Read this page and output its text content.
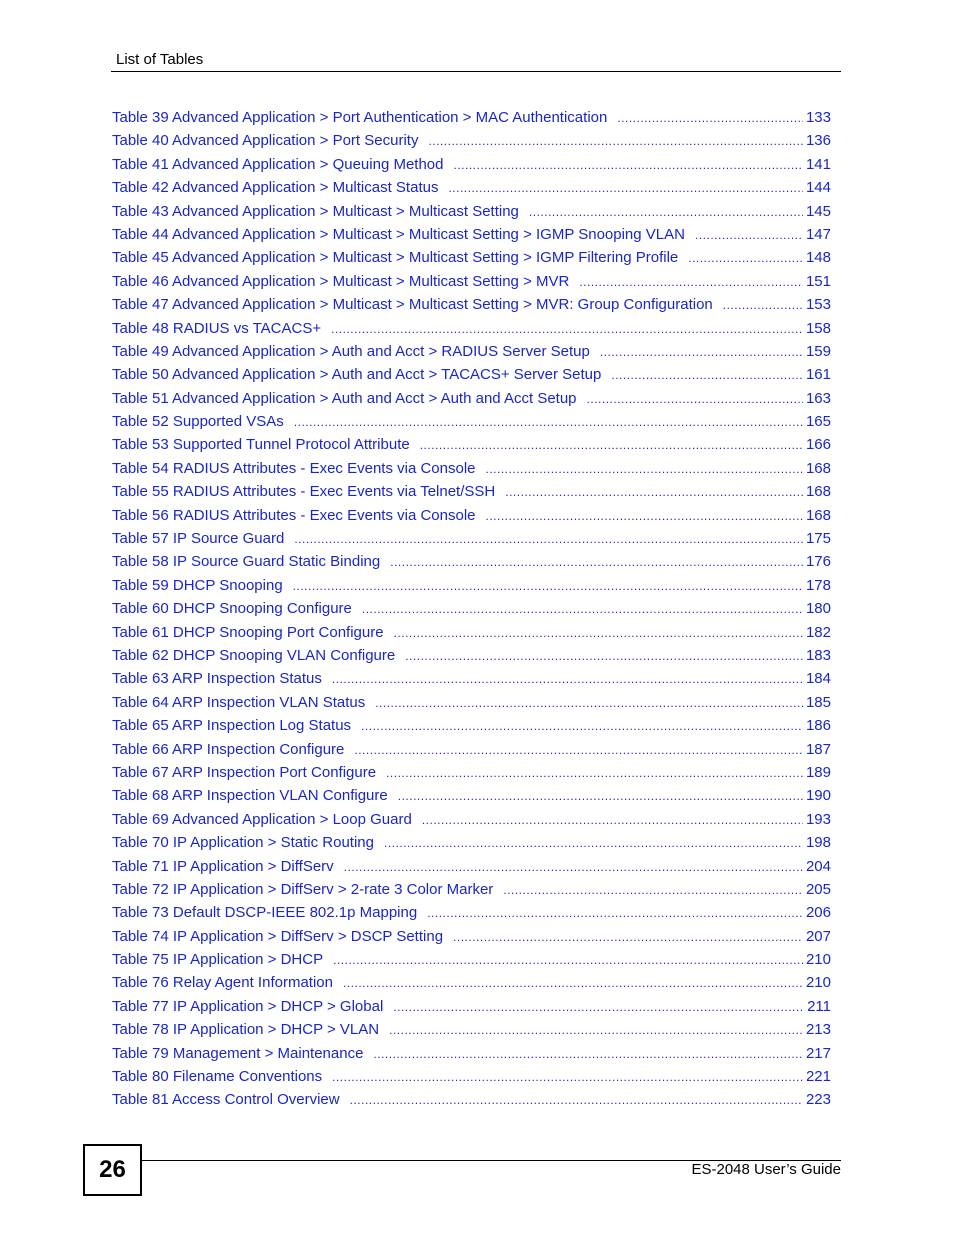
List of Tables
Table 39 Advanced Application > Port Authentication > MAC Authentication .....	133
Table 40 Advanced Application > Port Security .....	136
Table 41 Advanced Application > Queuing Method .....	141
Table 42 Advanced Application > Multicast Status .....	144
Table 43 Advanced Application > Multicast > Multicast Setting .....	145
Table 44 Advanced Application > Multicast > Multicast Setting > IGMP Snooping VLAN .....	147
Table 45 Advanced Application > Multicast > Multicast Setting > IGMP Filtering Profile .....	148
Table 46 Advanced Application > Multicast > Multicast Setting > MVR .....	151
Table 47 Advanced Application > Multicast > Multicast Setting > MVR: Group Configuration .....	153
Table 48 RADIUS vs TACACS+ .....	158
Table 49 Advanced Application > Auth and Acct > RADIUS Server Setup .....	159
Table 50 Advanced Application > Auth and Acct > TACACS+ Server Setup .....	161
Table 51 Advanced Application > Auth and Acct > Auth and Acct Setup .....	163
Table 52 Supported VSAs .....	165
Table 53 Supported Tunnel Protocol Attribute .....	166
Table 54 RADIUS Attributes - Exec Events via Console .....	168
Table 55 RADIUS Attributes - Exec Events via Telnet/SSH .....	168
Table 56 RADIUS Attributes - Exec Events via Console .....	168
Table 57 IP Source Guard .....	175
Table 58 IP Source Guard Static Binding .....	176
Table 59 DHCP Snooping .....	178
Table 60 DHCP Snooping Configure .....	180
Table 61 DHCP Snooping Port Configure .....	182
Table 62 DHCP Snooping VLAN Configure .....	183
Table 63 ARP Inspection Status .....	184
Table 64 ARP Inspection VLAN Status .....	185
Table 65 ARP Inspection Log Status .....	186
Table 66 ARP Inspection Configure .....	187
Table 67 ARP Inspection Port Configure .....	189
Table 68 ARP Inspection VLAN Configure .....	190
Table 69 Advanced Application > Loop Guard .....	193
Table 70 IP Application > Static Routing .....	198
Table 71 IP Application > DiffServ .....	204
Table 72 IP Application > DiffServ > 2-rate 3 Color Marker .....	205
Table 73 Default DSCP-IEEE 802.1p Mapping .....	206
Table 74 IP Application > DiffServ > DSCP Setting .....	207
Table 75 IP Application > DHCP .....	210
Table 76 Relay Agent Information .....	210
Table 77 IP Application > DHCP > Global .....	211
Table 78 IP Application > DHCP > VLAN .....	213
Table 79 Management > Maintenance .....	217
Table 80 Filename Conventions .....	221
Table 81 Access Control Overview .....	223
26	ES-2048 User’s Guide
